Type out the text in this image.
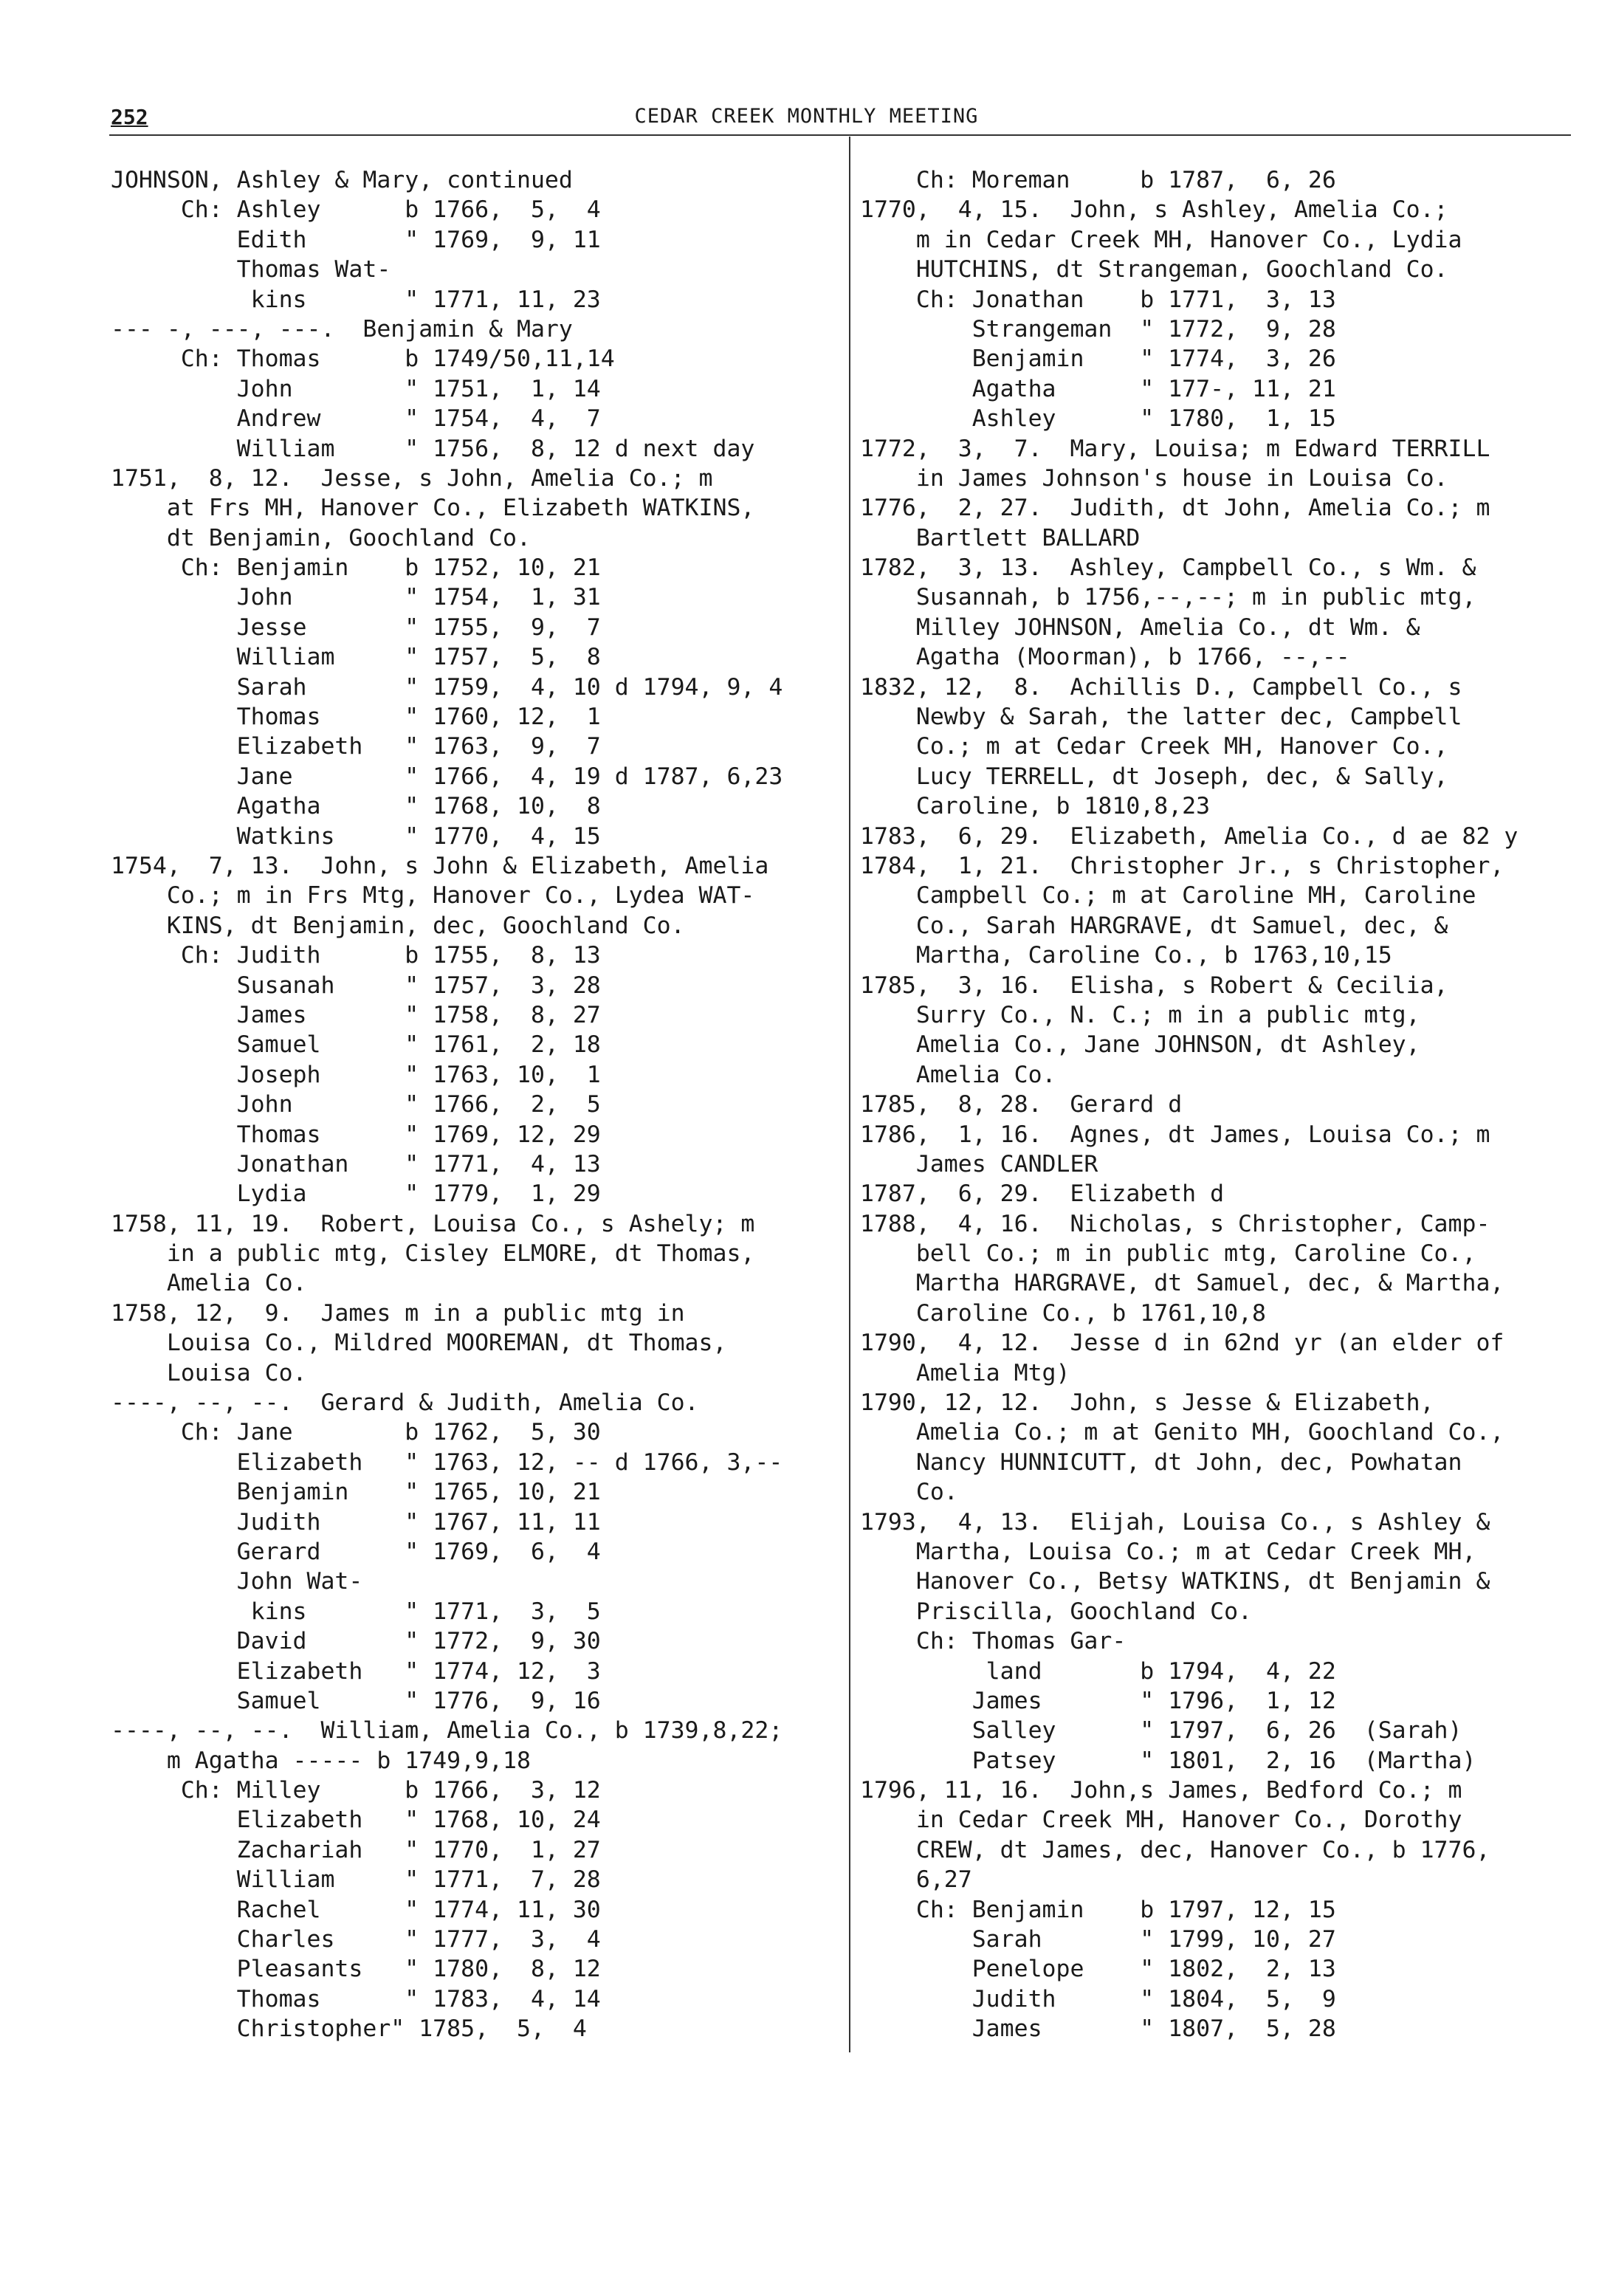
252	CEDAR CREEK MONTHLY MEETING
JOHNSON, Ashley & Mary, continued
Ch: Ashley      b 1766,  5,  4
Edith       " 1769,  9, 11
Thomas Wat-
kins       " 1771, 11, 23
--- -, ---, ---.  Benjamin & Mary
Ch: Thomas      b 1749/50,11,14
John        " 1751,  1, 14
Andrew      " 1754,  4,  7
William     " 1756,  8, 12 d next day
1751,  8, 12.  Jesse, s John, Amelia Co.; m
at Frs MH, Hanover Co., Elizabeth WATKINS,
dt Benjamin, Goochland Co.
Ch: Benjamin    b 1752, 10, 21
John        " 1754,  1, 31
Jesse       " 1755,  9,  7
William     " 1757,  5,  8
Sarah       " 1759,  4, 10 d 1794, 9, 4
Thomas      " 1760, 12,  1
Elizabeth   " 1763,  9,  7
Jane        " 1766,  4, 19 d 1787, 6,23
Agatha      " 1768, 10,  8
Watkins     " 1770,  4, 15
1754,  7, 13.  John, s John & Elizabeth, Amelia
Co.; m in Frs Mtg, Hanover Co., Lydea WAT-
KINS, dt Benjamin, dec, Goochland Co.
Ch: Judith      b 1755,  8, 13
Susanah     " 1757,  3, 28
James       " 1758,  8, 27
Samuel      " 1761,  2, 18
Joseph      " 1763, 10,  1
John        " 1766,  2,  5
Thomas      " 1769, 12, 29
Jonathan    " 1771,  4, 13
Lydia       " 1779,  1, 29
1758, 11, 19.  Robert, Louisa Co., s Ashely; m
in a public mtg, Cisley ELMORE, dt Thomas,
Amelia Co.
1758, 12,  9.  James m in a public mtg in
Louisa Co., Mildred MOOREMAN, dt Thomas,
Louisa Co.
----, --, --.  Gerard & Judith, Amelia Co.
Ch: Jane        b 1762,  5, 30
Elizabeth   " 1763, 12, -- d 1766, 3,--
Benjamin    " 1765, 10, 21
Judith      " 1767, 11, 11
Gerard      " 1769,  6,  4
John Wat-
kins       " 1771,  3,  5
David       " 1772,  9, 30
Elizabeth   " 1774, 12,  3
Samuel      " 1776,  9, 16
----, --, --.  William, Amelia Co., b 1739,8,22;
m Agatha ----- b 1749,9,18
Ch: Milley      b 1766,  3, 12
Elizabeth   " 1768, 10, 24
Zachariah   " 1770,  1, 27
William     " 1771,  7, 28
Rachel      " 1774, 11, 30
Charles     " 1777,  3,  4
Pleasants   " 1780,  8, 12
Thomas      " 1783,  4, 14
Christopher" 1785,  5,  4
Ch: Moreman     b 1787,  6, 26
1770,  4, 15.  John, s Ashley, Amelia Co.;
m in Cedar Creek MH, Hanover Co., Lydia
HUTCHINS, dt Strangeman, Goochland Co.
Ch: Jonathan    b 1771,  3, 13
Strangeman  " 1772,  9, 28
Benjamin    " 1774,  3, 26
Agatha      " 177-, 11, 21
Ashley      " 1780,  1, 15
1772,  3,  7.  Mary, Louisa; m Edward TERRILL
in James Johnson's house in Louisa Co.
1776,  2, 27.  Judith, dt John, Amelia Co.; m
Bartlett BALLARD
1782,  3, 13.  Ashley, Campbell Co., s Wm. &
Susannah, b 1756,--,--; m in public mtg,
Milley JOHNSON, Amelia Co., dt Wm. &
Agatha (Moorman), b 1766, --,--
1832, 12,  8.  Achillis D., Campbell Co., s
Newby & Sarah, the latter dec, Campbell
Co.; m at Cedar Creek MH, Hanover Co.,
Lucy TERRELL, dt Joseph, dec, & Sally,
Caroline, b 1810,8,23
1783,  6, 29.  Elizabeth, Amelia Co., d ae 82 y
1784,  1, 21.  Christopher Jr., s Christopher,
Campbell Co.; m at Caroline MH, Caroline
Co., Sarah HARGRAVE, dt Samuel, dec, &
Martha, Caroline Co., b 1763,10,15
1785,  3, 16.  Elisha, s Robert & Cecilia,
Surry Co., N. C.; m in a public mtg,
Amelia Co., Jane JOHNSON, dt Ashley,
Amelia Co.
1785,  8, 28.  Gerard d
1786,  1, 16.  Agnes, dt James, Louisa Co.; m
James CANDLER
1787,  6, 29.  Elizabeth d
1788,  4, 16.  Nicholas, s Christopher, Camp-
bell Co.; m in public mtg, Caroline Co.,
Martha HARGRAVE, dt Samuel, dec, & Martha,
Caroline Co., b 1761,10,8
1790,  4, 12.  Jesse d in 62nd yr (an elder of
Amelia Mtg)
1790, 12, 12.  John, s Jesse & Elizabeth,
Amelia Co.; m at Genito MH, Goochland Co.,
Nancy HUNNICUTT, dt John, dec, Powhatan
Co.
1793,  4, 13.  Elijah, Louisa Co., s Ashley &
Martha, Louisa Co.; m at Cedar Creek MH,
Hanover Co., Betsy WATKINS, dt Benjamin &
Priscilla, Goochland Co.
Ch: Thomas Gar-
land       b 1794,  4, 22
James       " 1796,  1, 12
Salley      " 1797,  6, 26  (Sarah)
Patsey      " 1801,  2, 16  (Martha)
1796, 11, 16.  John,s James, Bedford Co.; m
in Cedar Creek MH, Hanover Co., Dorothy
CREW, dt James, dec, Hanover Co., b 1776,
6,27
Ch: Benjamin    b 1797, 12, 15
Sarah       " 1799, 10, 27
Penelope    " 1802,  2, 13
Judith      " 1804,  5,  9
James       " 1807,  5, 28
